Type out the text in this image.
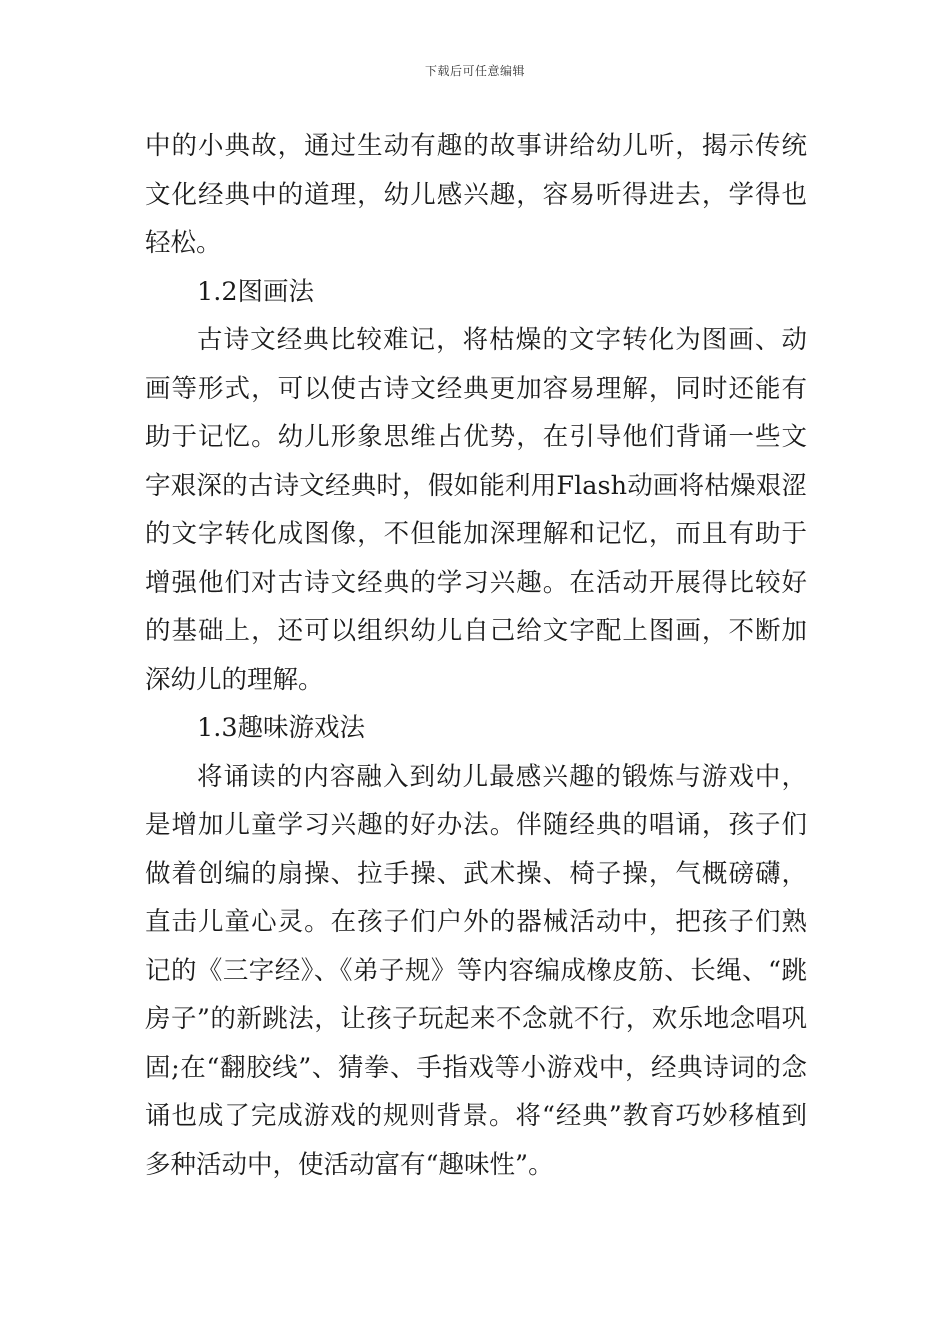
下载后可任意编辑

中的小典故，通过生动有趣的故事讲给幼儿听，揭示传统文化经典中的道理，幼儿感兴趣，容易听得进去，学得也轻松。

1.2图画法

古诗文经典比较难记，将枯燥的文字转化为图画、动画等形式，可以使古诗文经典更加容易理解，同时还能有助于记忆。幼儿形象思维占优势，在引导他们背诵一些文字艰深的古诗文经典时，假如能利用Flash动画将枯燥艰涩的文字转化成图像，不但能加深理解和记忆，而且有助于增强他们对古诗文经典的学习兴趣。在活动开展得比较好的基础上，还可以组织幼儿自己给文字配上图画，不断加深幼儿的理解。

1.3趣味游戏法

将诵读的内容融入到幼儿最感兴趣的锻炼与游戏中，是增加儿童学习兴趣的好办法。伴随经典的唱诵，孩子们做着创编的扇操、拉手操、武术操、椅子操，气概磅礴，直击儿童心灵。在孩子们户外的器械活动中，把孩子们熟记的《三字经》、《弟子规》等内容编成橡皮筋、长绳、“跳房子”的新跳法，让孩子玩起来不念就不行，欢乐地念唱巩固;在“翻胶线”、猜拳、手指戏等小游戏中，经典诗词的念诵也成了完成游戏的规则背景。将“经典”教育巧妙移植到多种活动中，使活动富有“趣味性”。
